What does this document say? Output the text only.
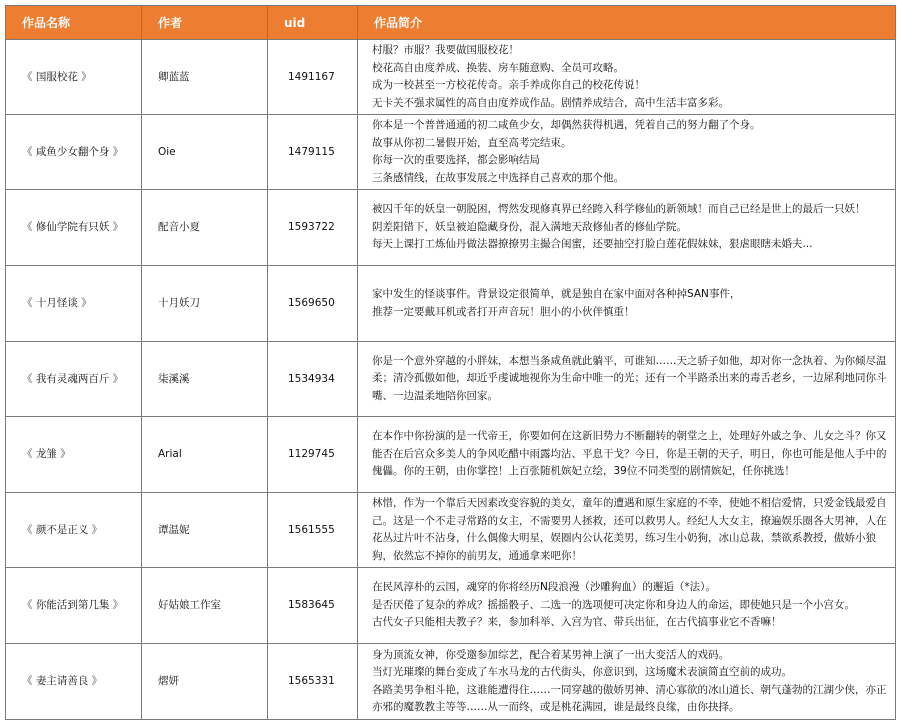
作品名称	作者	uid	作品简介
《 国服校花 》	卿蓝蓝	1491167	村服？市服？我要做国服校花！
校花高自由度养成、换装、房车随意购、全员可攻略。
成为一校甚至一方校花传奇。亲手养成你自己的校花传说！
无卡关不强求属性的高自由度养成作品。剧情养成结合，高中生活丰富多彩。

《 咸鱼少女翻个身 》	Oie	1479115	你本是一个普普通通的初二咸鱼少女，却偶然获得机遇，凭着自己的努力翻了个身。
故事从你初二暑假开始，直至高考完结束。
你每一次的重要选择，都会影响结局
三条感情线，在故事发展之中选择自己喜欢的那个他。

《 修仙学院有只妖 》	配音小夏	1593722	被囚千年的妖皇一朝脱困，愕然发现修真界已经跨入科学修仙的新领域！而自己已经是世上的最后一只妖！
阴差阳错下，妖皇被迫隐藏身份，混入满地天敌修仙者的修仙学院。
每天上课打工炼仙丹做法器撩撩男主撮合闺蜜，还要抽空打脸白莲花假妹妹，狠虐眼瞎未婚夫...

《 十月怪谈 》	十月妖刀	1569650	家中发生的怪谈事件。背景设定很简单，就是独自在家中面对各种掉SAN事件，
推荐一定要戴耳机或者打开声音玩！胆小的小伙伴慎重！

《 我有灵魂两百斤 》	柒溪溪	1534934	你是一个意外穿越的小胖妹，本想当条咸鱼就此躺平，可谁知……天之骄子如他，却对你一念执着、为你倾尽温柔；清冷孤傲如他，却近乎虔诚地视你为生命中唯一的光；还有一个半路杀出来的毒舌老乡，一边犀利地同你斗嘴、一边温柔地陪你回家。

《 龙雏 》	Arial	1129745	在本作中你扮演的是一代帝王，你要如何在这新旧势力不断翻转的朝堂之上，处理好外戚之争、儿女之斗？你又能否在后宫众多美人的争风吃醋中雨露均沾、平息干戈？今日，你是王朝的天子，明日，你也可能是他人手中的傀儡。你的王朝，由你掌控！上百张随机嫔妃立绘，39位不同类型的剧情嫔妃，任你挑选！

《 颜不是正义 》	谭温妮	1561555	林惜，作为一个靠后天因素改变容貌的美女，童年的遭遇和原生家庭的不幸，使她不相信爱情，只爱金钱最爱自己。这是一个不走寻常路的女主，不需要男人拯救，还可以救男人。经纪人大女主，撩遍娱乐圈各大男神，人在花丛过片叶不沾身，什么偶像大明星，娱圈内公认花美男，练习生小奶狗，冰山总裁，禁欲系教授，傲娇小狼狗，依然忘不掉你的前男友，通通拿来吧你！

《 你能活到第几集 》	好姑娘工作室	1583645	在民风淳朴的云国，魂穿的你将经历N段浪漫（沙雕狗血）的邂逅（*法）。
是否厌倦了复杂的养成？摇摇骰子、二选一的选项便可决定你和身边人的命运，即使她只是一个小宫女。
古代女子只能相夫教子？来，参加科举、入宫为官、带兵出征，在古代搞事业它不香嘛！

《 妻主请善良 》	熠妍	1565331	身为顶流女神，你受邀参加综艺，配合着某男神上演了一出大变活人的戏码。
当灯光璀璨的舞台变成了车水马龙的古代街头，你意识到，这场魔术表演简直空前的成功。
各路美男争相斗艳，这谁能遭得住……一同穿越的傲娇男神、清心寡欲的冰山道长、朝气蓬勃的江湖少侠，亦正亦邪的魔教教主等等……从一而终，或是桃花满园，谁是最终良缘，由你抉择。
